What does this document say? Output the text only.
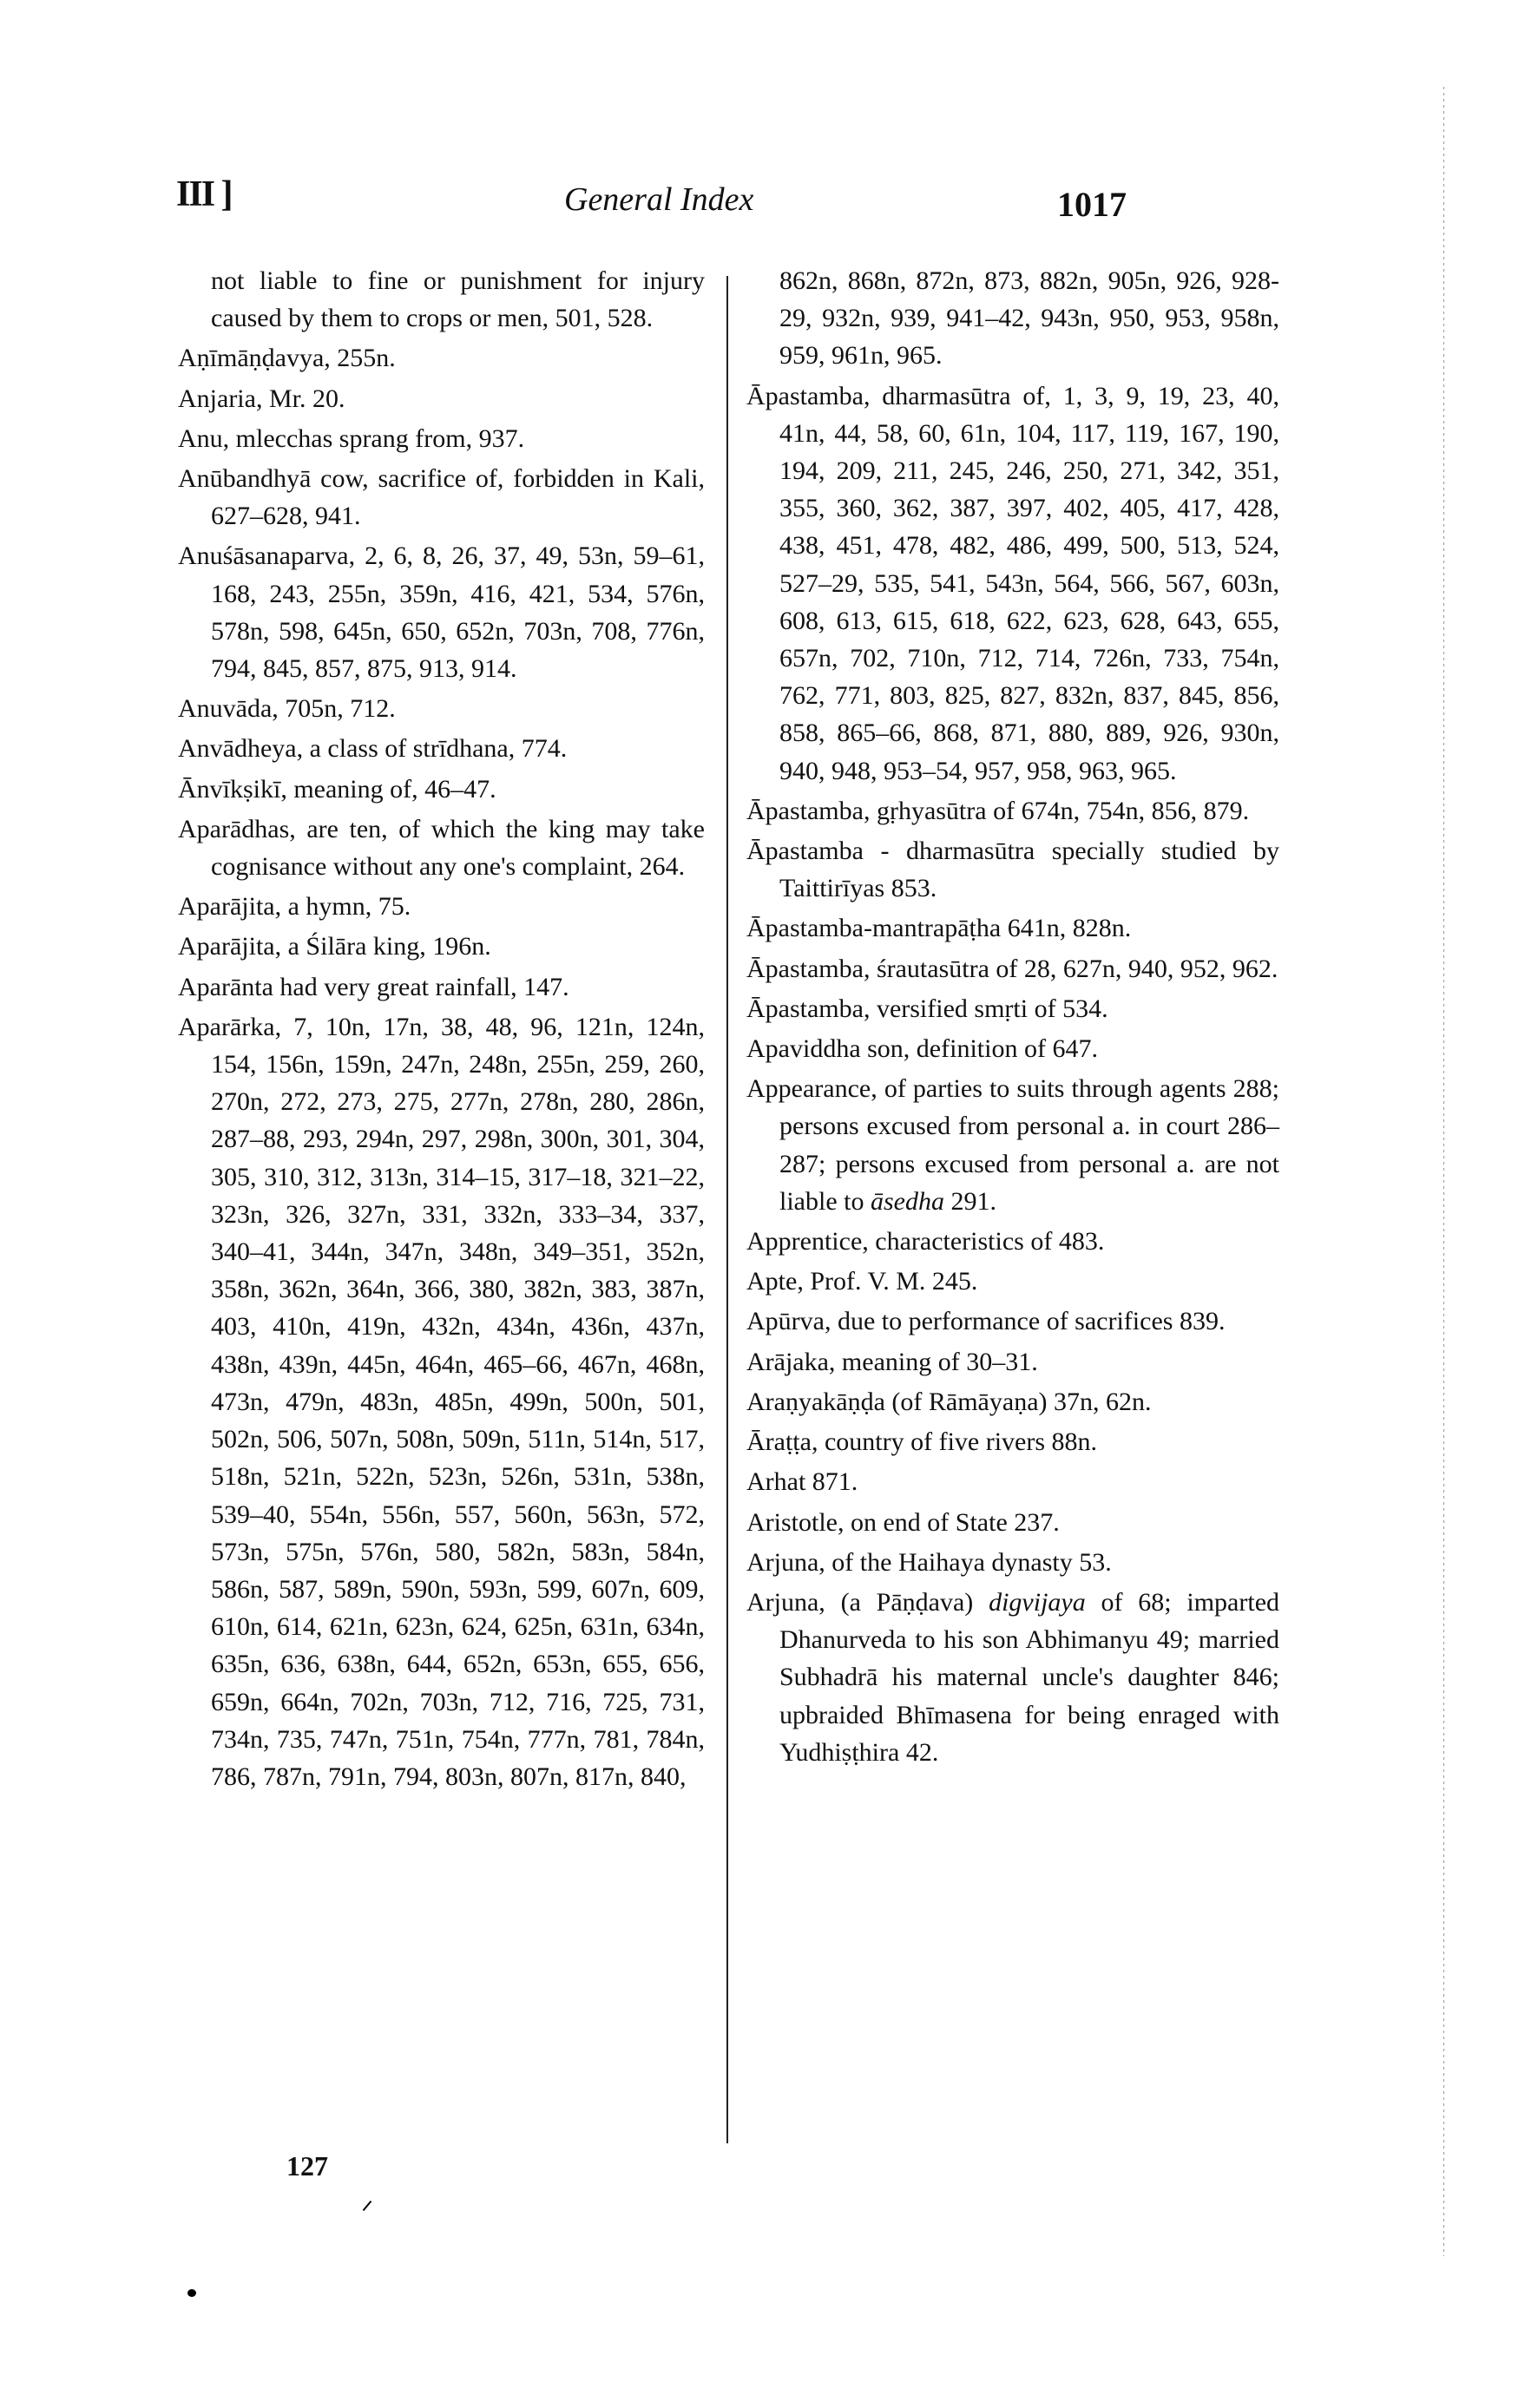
III ]	General Index	1017

not liable to fine or punishment for injury caused by them to crops or men, 501, 528.

Aṇīmāṇḍavya, 255n.

Anjaria, Mr. 20.

Anu, mlecchas sprang from, 937.

Anūbandhyā cow, sacrifice of, forbidden in Kali, 627–628, 941.

Anuśāsanaparva, 2, 6, 8, 26, 37, 49, 53n, 59–61, 168, 243, 255n, 359n, 416, 421, 534, 576n, 578n, 598, 645n, 650, 652n, 703n, 708, 776n, 794, 845, 857, 875, 913, 914.

Anuvāda, 705n, 712.

Anvādheya, a class of strīdhana, 774.

Ānvīkṣikī, meaning of, 46–47.

Aparādhas, are ten, of which the king may take cognisance without any one's complaint, 264.

Aparājita, a hymn, 75.

Aparājita, a Śilāra king, 196n.

Aparānta had very great rainfall, 147.

Aparārka, 7, 10n, 17n, 38, 48, 96, 121n, 124n, 154, 156n, 159n, 247n, 248n, 255n, 259, 260, 270n, 272, 273, 275, 277n, 278n, 280, 286n, 287–88, 293, 294n, 297, 298n, 300n, 301, 304, 305, 310, 312, 313n, 314–15, 317–18, 321–22, 323n, 326, 327n, 331, 332n, 333–34, 337, 340–41, 344n, 347n, 348n, 349–351, 352n, 358n, 362n, 364n, 366, 380, 382n, 383, 387n, 403, 410n, 419n, 432n, 434n, 436n, 437n, 438n, 439n, 445n, 464n, 465–66, 467n, 468n, 473n, 479n, 483n, 485n, 499n, 500n, 501, 502n, 506, 507n, 508n, 509n, 511n, 514n, 517, 518n, 521n, 522n, 523n, 526n, 531n, 538n, 539–40, 554n, 556n, 557, 560n, 563n, 572, 573n, 575n, 576n, 580, 582n, 583n, 584n, 586n, 587, 589n, 590n, 593n, 599, 607n, 609, 610n, 614, 621n, 623n, 624, 625n, 631n, 634n, 635n, 636, 638n, 644, 652n, 653n, 655, 656, 659n, 664n, 702n, 703n, 712, 716, 725, 731, 734n, 735, 747n, 751n, 754n, 777n, 781, 784n, 786, 787n, 791n, 794, 803n, 807n, 817n, 840,

862n, 868n, 872n, 873, 882n, 905n, 926, 928-29, 932n, 939, 941–42, 943n, 950, 953, 958n, 959, 961n, 965.

Āpastamba, dharmasūtra of, 1, 3, 9, 19, 23, 40, 41n, 44, 58, 60, 61n, 104, 117, 119, 167, 190, 194, 209, 211, 245, 246, 250, 271, 342, 351, 355, 360, 362, 387, 397, 402, 405, 417, 428, 438, 451, 478, 482, 486, 499, 500, 513, 524, 527–29, 535, 541, 543n, 564, 566, 567, 603n, 608, 613, 615, 618, 622, 623, 628, 643, 655, 657n, 702, 710n, 712, 714, 726n, 733, 754n, 762, 771, 803, 825, 827, 832n, 837, 845, 856, 858, 865–66, 868, 871, 880, 889, 926, 930n, 940, 948, 953–54, 957, 958, 963, 965.

Āpastamba, gṛhyasūtra of 674n, 754n, 856, 879.

Āpastamba - dharmasūtra specially studied by Taittirīyas 853.

Āpastamba-mantrapāṭha 641n, 828n.

Āpastamba, śrautasūtra of 28, 627n, 940, 952, 962.

Āpastamba, versified smṛti of 534.

Apaviddha son, definition of 647.

Appearance, of parties to suits through agents 288; persons excused from personal a. in court 286–287; persons excused from personal a. are not liable to āsedha 291.

Apprentice, characteristics of 483.

Apte, Prof. V. M. 245.

Apūrva, due to performance of sacrifices 839.

Arājaka, meaning of 30–31.

Araṇyakāṇḍa (of Rāmāyaṇa) 37n, 62n.

Āraṭṭa, country of five rivers 88n.

Arhat 871.

Aristotle, on end of State 237.

Arjuna, of the Haihaya dynasty 53.

Arjuna, (a Pāṇḍava) digvijaya of 68; imparted Dhanurveda to his son Abhimanyu 49; married Subhadrā his maternal uncle's daughter 846; upbraided Bhīmasena for being enraged with Yudhiṣṭhira 42.

127
